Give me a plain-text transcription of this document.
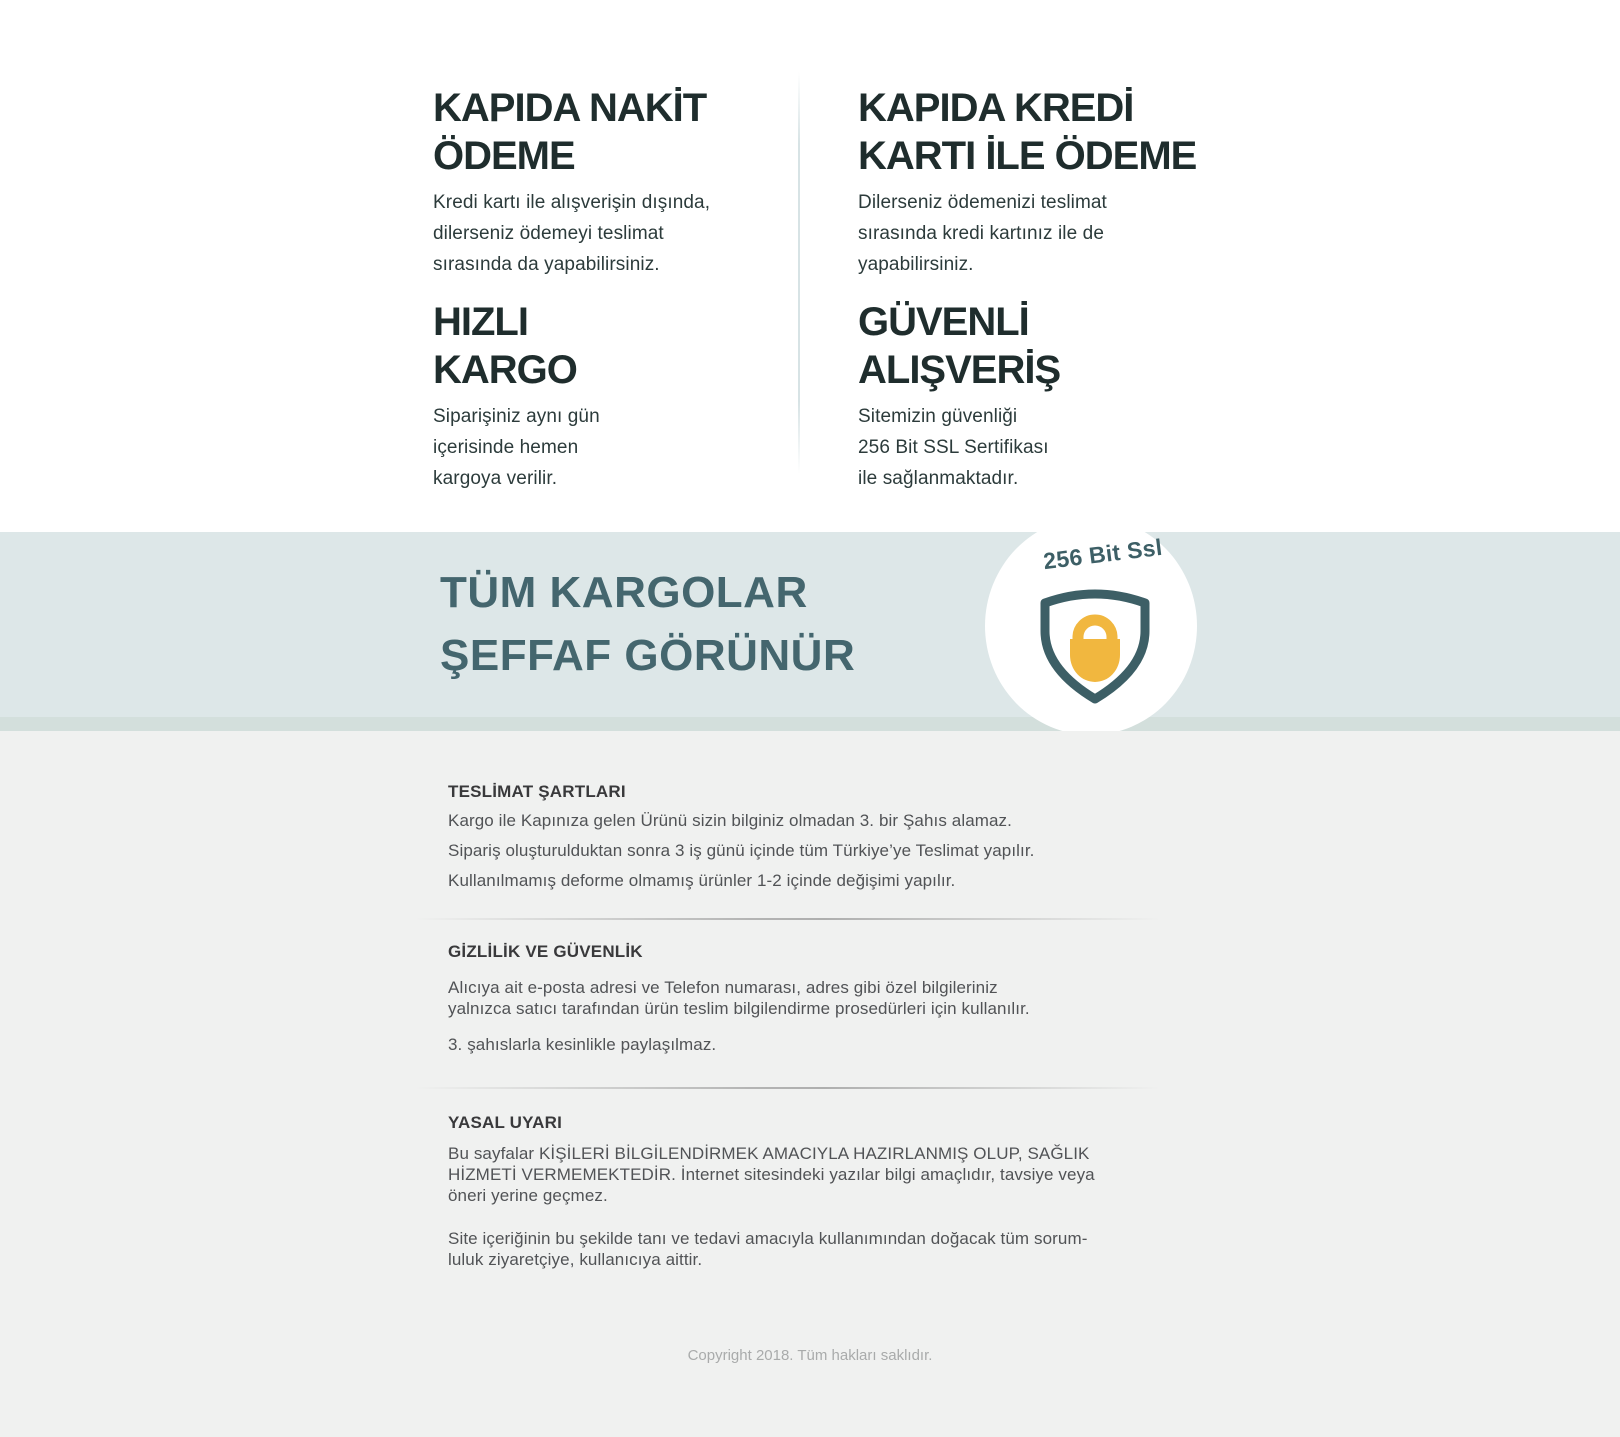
KAPIDA NAKİT
ÖDEME
Kredi kartı ile alışverişin dışında,
dilerseniz ödemeyi teslimat
sırasında da yapabilirsiniz.
KAPIDA KREDİ
KARTI İLE ÖDEME
Dilerseniz ödemenizi teslimat
sırasında kredi kartınız ile de
yapabilirsiniz.
HIZLI
KARGO
Siparişiniz aynı gün
içerisinde hemen
kargoya verilir.
GÜVENLİ
ALIŞVERİŞ
Sitemizin güvenliği
256 Bit SSL Sertifikası
ile sağlanmaktadır.
TÜM KARGOLAR
ŞEFFAF GÖRÜNÜR
256 Bit Ssl
TESLİMAT ŞARTLARI
Kargo ile Kapınıza gelen Ürünü sizin bilginiz olmadan 3. bir Şahıs alamaz.
Sipariş oluşturulduktan sonra 3 iş günü içinde tüm Türkiye’ye Teslimat yapılır.
Kullanılmamış deforme olmamış ürünler 1-2 içinde değişimi yapılır.
GİZLİLİK VE GÜVENLİK
Alıcıya ait e-posta adresi ve Telefon numarası, adres gibi özel bilgileriniz
yalnızca satıcı tarafından ürün teslim bilgilendirme prosedürleri için kullanılır.
3. şahıslarla kesinlikle paylaşılmaz.
YASAL UYARI
Bu sayfalar KİŞİLERİ BİLGİLENDİRMEK AMACIYLA HAZIRLANMIŞ OLUP, SAĞLIK
HİZMETİ VERMEMEKTEDİR. İnternet sitesindeki yazılar bilgi amaçlıdır, tavsiye veya
öneri yerine geçmez.
Site içeriğinin bu şekilde tanı ve tedavi amacıyla kullanımından doğacak tüm sorum-
luluk ziyaretçiye, kullanıcıya aittir.
Copyright 2018. Tüm hakları saklıdır.
